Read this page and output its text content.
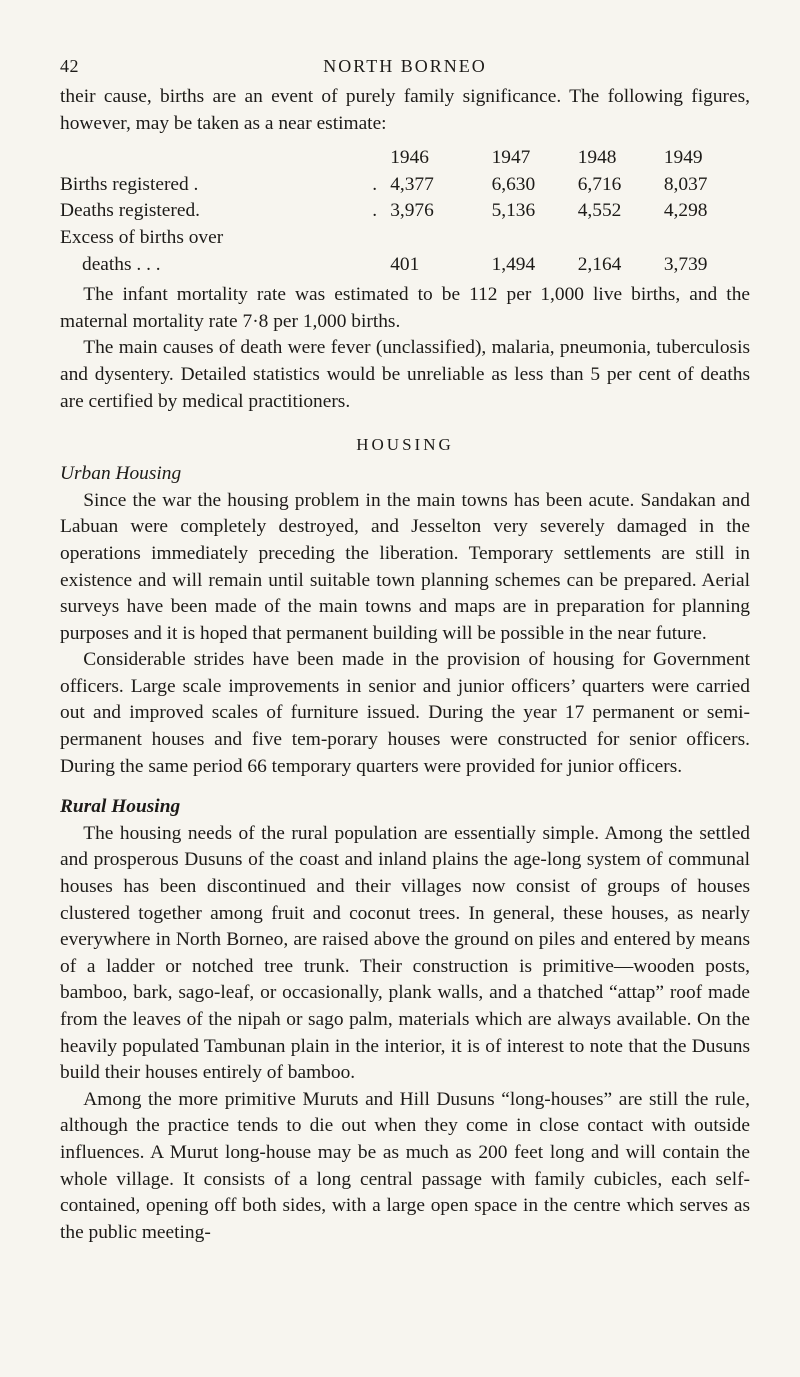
42	NORTH BORNEO

their cause, births are an event of purely family significance. The following figures, however, may be taken as a near estimate:

	1946	1947	1948	1949
Births registered .	. 4,377	6,630	6,716	8,037
Deaths registered.	. 3,976	5,136	4,552	4,298
Excess of births over				
deaths . . .	401	1,494	2,164	3,739

The infant mortality rate was estimated to be 112 per 1,000 live births, and the maternal mortality rate 7·8 per 1,000 births.

The main causes of death were fever (unclassified), malaria, pneumonia, tuberculosis and dysentery. Detailed statistics would be unreliable as less than 5 per cent of deaths are certified by medical practitioners.

HOUSING
Urban Housing

Since the war the housing problem in the main towns has been acute. Sandakan and Labuan were completely destroyed, and Jesselton very severely damaged in the operations immediately preceding the liberation. Temporary settlements are still in existence and will remain until suitable town planning schemes can be prepared. Aerial surveys have been made of the main towns and maps are in preparation for planning purposes and it is hoped that permanent building will be possible in the near future.

Considerable strides have been made in the provision of housing for Government officers. Large scale improvements in senior and junior officers’ quarters were carried out and improved scales of furniture issued. During the year 17 permanent or semi-permanent houses and five tem-porary houses were constructed for senior officers. During the same period 66 temporary quarters were provided for junior officers.

Rural Housing

The housing needs of the rural population are essentially simple. Among the settled and prosperous Dusuns of the coast and inland plains the age-long system of communal houses has been discontinued and their villages now consist of groups of houses clustered together among fruit and coconut trees. In general, these houses, as nearly everywhere in North Borneo, are raised above the ground on piles and entered by means of a ladder or notched tree trunk. Their construction is primitive—wooden posts, bamboo, bark, sago-leaf, or occasionally, plank walls, and a thatched “attap” roof made from the leaves of the nipah or sago palm, materials which are always available. On the heavily populated Tambunan plain in the interior, it is of interest to note that the Dusuns build their houses entirely of bamboo.

Among the more primitive Muruts and Hill Dusuns “long-houses” are still the rule, although the practice tends to die out when they come in close contact with outside influences. A Murut long-house may be as much as 200 feet long and will contain the whole village. It consists of a long central passage with family cubicles, each self-contained, opening off both sides, with a large open space in the centre which serves as the public meeting-
